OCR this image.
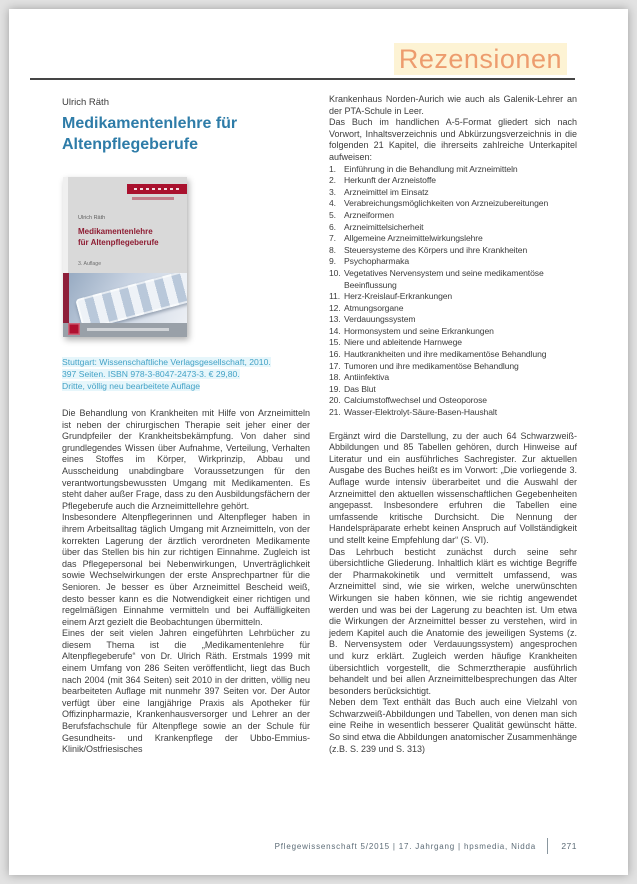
Rezensionen
Ulrich Räth
Medikamentenlehre für Altenpflegeberufe
Ulrich Räth
Medikamentenlehre
für Altenpflegeberufe
3. Auflage
Stuttgart: Wissenschaftliche Verlagsgesellschaft, 2010.
397 Seiten. ISBN 978-3-8047-2473-3. € 29,80.
Dritte, völlig neu bearbeitete Auflage

Die Behandlung von Krankheiten mit Hilfe von Arzneimitteln ist neben der chirurgischen Therapie seit jeher einer der Grundpfeiler der Krankheitsbekämpfung. Von daher sind grundlegendes Wissen über Aufnahme, Verteilung, Verhalten eines Stoffes im Körper, Wirkprinzip, Abbau und Ausscheidung unabdingbare Voraussetzungen für den verantwortungsbewussten Umgang mit Medikamenten. Es steht daher außer Frage, dass zu den Ausbildungsfächern der Pflegeberufe auch die Arzneimittellehre gehört.

Insbesondere Altenpflegerinnen und Altenpfleger haben in ihrem Arbeitsalltag täglich Umgang mit Arzneimitteln, von der korrekten Lagerung der ärztlich verordneten Medikamente über das Stellen bis hin zur richtigen Einnahme. Zugleich ist das Pflegepersonal bei Nebenwirkungen, Unverträglichkeit sowie Wechselwirkungen der erste Ansprechpartner für die Senioren. Je besser es über Arzneimittel Bescheid weiß, desto besser kann es die Notwendigkeit einer richtigen und regelmäßigen Einnahme vermitteln und bei Auffälligkeiten einem Arzt gezielt die Beobachtungen übermitteln.

Eines der seit vielen Jahren eingeführten Lehrbücher zu diesem Thema ist die „Medikamentenlehre für Altenpflegeberufe“ von Dr. Ulrich Räth. Erstmals 1999 mit einem Umfang von 286 Seiten veröffentlicht, liegt das Buch nach 2004 (mit 364 Seiten) seit 2010 in der dritten, völlig neu bearbeiteten Auflage mit nunmehr 397 Seiten vor. Der Autor verfügt über eine langjährige Praxis als Apotheker für Offizinpharmazie, Krankenhausversorger und Lehrer an der Berufsfachschule für Altenpflege sowie an der Schule für Gesundheits- und Krankenpflege der Ubbo-Emmius-Klinik/Ostfriesisches

Krankenhaus Norden-Aurich wie auch als Galenik-Lehrer an der PTA-Schule in Leer.

Das Buch im handlichen A-5-Format gliedert sich nach Vorwort, Inhaltsverzeichnis und Abkürzungsverzeichnis in die folgenden 21 Kapitel, die ihrerseits zahlreiche Unterkapitel aufweisen:

1. Einführung in die Behandlung mit Arzneimitteln
2. Herkunft der Arzneistoffe
3. Arzneimittel im Einsatz
4. Verabreichungsmöglichkeiten von Arzneizubereitungen
5. Arzneiformen
6. Arzneimittelsicherheit
7. Allgemeine Arzneimittelwirkungslehre
8. Steuersysteme des Körpers und ihre Krankheiten
9. Psychopharmaka
10. Vegetatives Nervensystem und seine medikamentöse Beeinflussung
11. Herz-Kreislauf-Erkrankungen
12. Atmungsorgane
13. Verdauungssystem
14. Hormonsystem und seine Erkrankungen
15. Niere und ableitende Harnwege
16. Hautkrankheiten und ihre medikamentöse Behandlung
17. Tumoren und ihre medikamentöse Behandlung
18. Antiinfektiva
19. Das Blut
20. Calciumstoffwechsel und Osteoporose
21. Wasser-Elektrolyt-Säure-Basen-Haushalt

Ergänzt wird die Darstellung, zu der auch 64 Schwarzweiß-Abbildungen und 85 Tabellen gehören, durch Hinweise auf Literatur und ein ausführliches Sachregister. Zur aktuellen Ausgabe des Buches heißt es im Vorwort: „Die vorliegende 3. Auflage wurde intensiv überarbeitet und die Auswahl der Arzneimittel den aktuellen wissenschaftlichen Gegebenheiten angepasst. Insbesondere erfuhren die Tabellen eine umfassende kritische Durchsicht. Die Nennung der Handelspräparate erhebt keinen Anspruch auf Vollständigkeit und stellt keine Empfehlung dar“ (S. VI).

Das Lehrbuch besticht zunächst durch seine sehr übersichtliche Gliederung. Inhaltlich klärt es wichtige Begriffe der Pharmakokinetik und vermittelt umfassend, was Arzneimittel sind, wie sie wirken, welche unerwünschten Wirkungen sie haben können, wie sie richtig angewendet werden und was bei der Lagerung zu beachten ist. Um etwa die Wirkungen der Arzneimittel besser zu verstehen, wird in jedem Kapitel auch die Anatomie des jeweiligen Systems (z. B. Nervensystem oder Verdauungssystem) angesprochen und kurz erklärt. Zugleich werden häufige Krankheiten übersichtlich vorgestellt, die Schmerztherapie ausführlich behandelt und bei allen Arzneimittelbesprechungen das Alter besonders berücksichtigt.

Neben dem Text enthält das Buch auch eine Vielzahl von Schwarzweiß-Abbildungen und Tabellen, von denen man sich eine Reihe in wesentlich besserer Qualität gewünscht hätte. So sind etwa die Abbildungen anatomischer Zusammenhänge (z.B. S. 239 und S. 313)

Pflegewissenschaft 5/2015 | 17. Jahrgang | hpsmedia, Nidda	271
